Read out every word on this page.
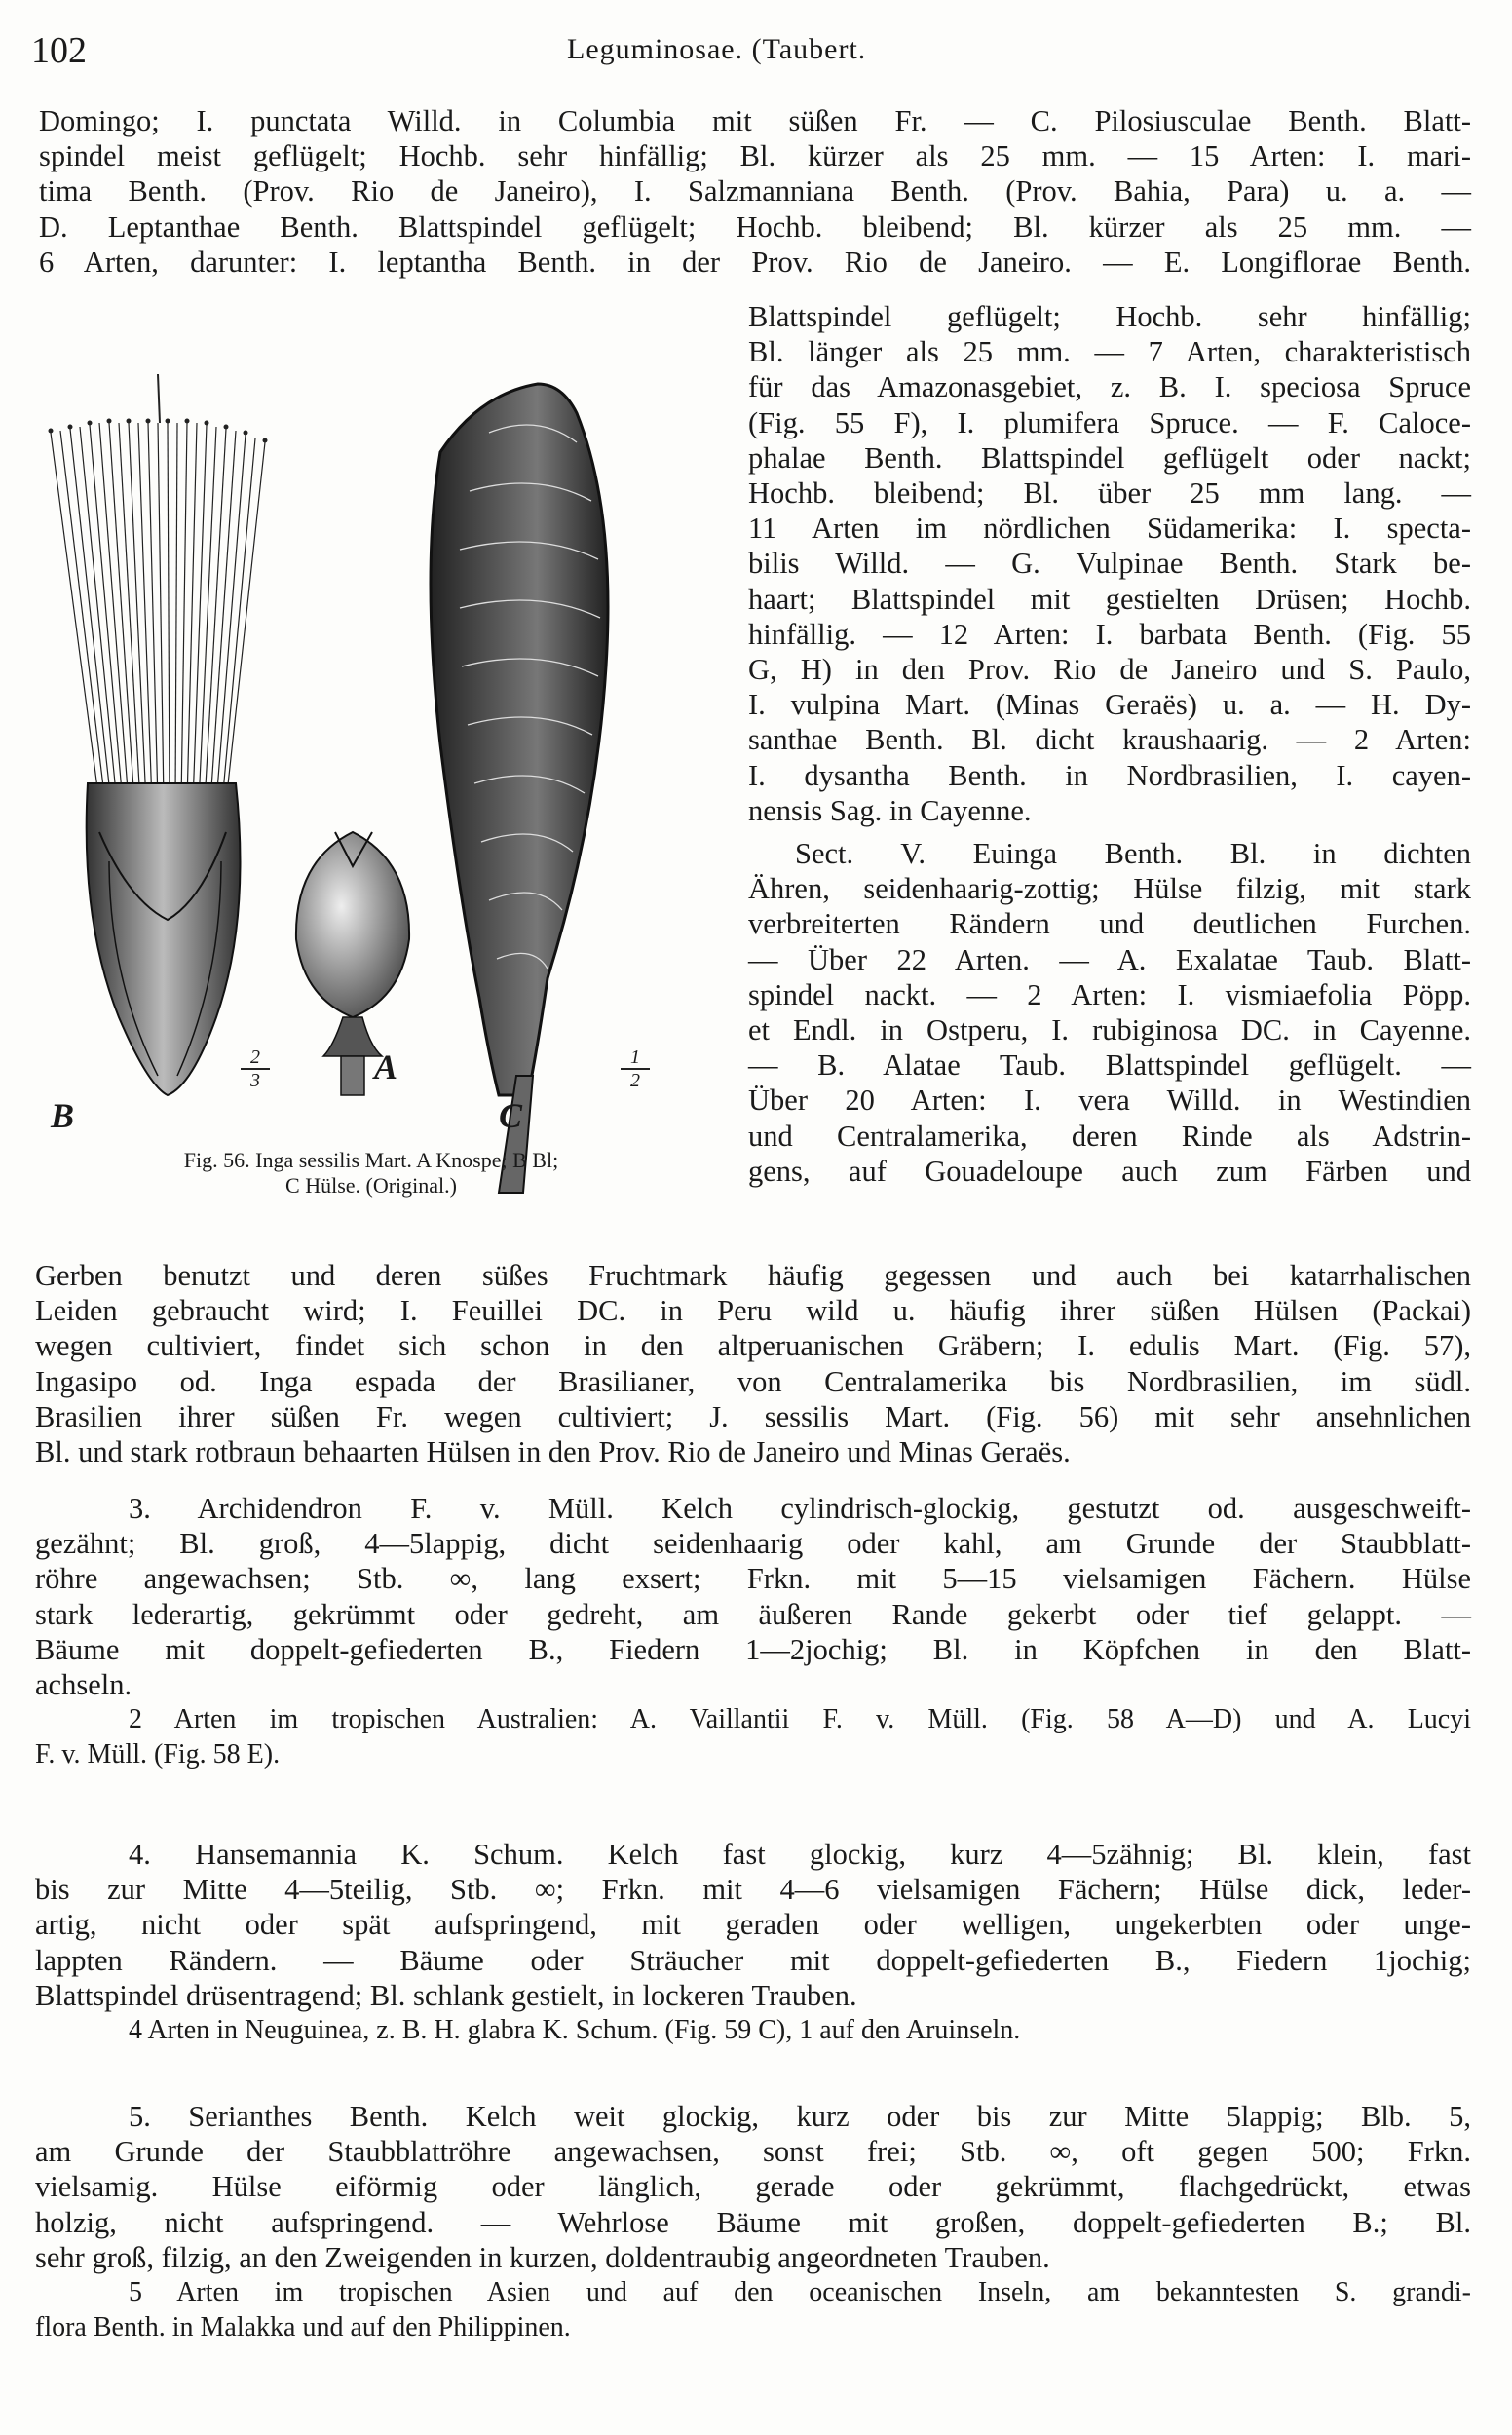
102	Leguminosae. (Taubert.
Domingo; I. punctata Willd. in Columbia mit süßen Fr. — C. Pilosiusculae Benth. Blatt-
spindel meist geflügelt; Hochb. sehr hinfällig; Bl. kürzer als 25 mm. — 15 Arten: I. mari-
tima Benth. (Prov. Rio de Janeiro), I. Salzmanniana Benth. (Prov. Bahia, Para) u. a. —
D. Leptanthae Benth. Blattspindel geflügelt; Hochb. bleibend; Bl. kürzer als 25 mm. —
6 Arten, darunter: I. leptantha Benth. in der Prov. Rio de Janeiro. — E. Longiflorae Benth.
B
A
C
2
3
1
2
Fig. 56. Inga sessilis Mart. A Knospe; B Bl;
C Hülse. (Original.)
Blattspindel geflügelt; Hochb. sehr hinfällig;
Bl. länger als 25 mm. — 7 Arten, charakteristisch
für das Amazonasgebiet, z. B. I. speciosa Spruce
(Fig. 55 F), I. plumifera Spruce. — F. Caloce-
phalae Benth. Blattspindel geflügelt oder nackt;
Hochb. bleibend; Bl. über 25 mm lang. —
11 Arten im nördlichen Südamerika: I. specta-
bilis Willd. — G. Vulpinae Benth. Stark be-
haart; Blattspindel mit gestielten Drüsen; Hochb.
hinfällig. — 12 Arten: I. barbata Benth. (Fig. 55
G, H) in den Prov. Rio de Janeiro und S. Paulo,
I. vulpina Mart. (Minas Geraës) u. a. — H. Dy-
santhae Benth. Bl. dicht kraushaarig. — 2 Arten:
I. dysantha Benth. in Nordbrasilien, I. cayen-
nensis Sag. in Cayenne.
Sect. V. Euinga Benth. Bl. in dichten
Ähren, seidenhaarig-zottig; Hülse filzig, mit stark
verbreiterten Rändern und deutlichen Furchen.
— Über 22 Arten. — A. Exalatae Taub. Blatt-
spindel nackt. — 2 Arten: I. vismiaefolia Pöpp.
et Endl. in Ostperu, I. rubiginosa DC. in Cayenne.
— B. Alatae Taub. Blattspindel geflügelt. —
Über 20 Arten: I. vera Willd. in Westindien
und Centralamerika, deren Rinde als Adstrin-
gens, auf Gouadeloupe auch zum Färben und
Gerben benutzt und deren süßes Fruchtmark häufig gegessen und auch bei katarrhalischen
Leiden gebraucht wird; I. Feuillei DC. in Peru wild u. häufig ihrer süßen Hülsen (Packai)
wegen cultiviert, findet sich schon in den altperuanischen Gräbern; I. edulis Mart. (Fig. 57),
Ingasipo od. Inga espada der Brasilianer, von Centralamerika bis Nordbrasilien, im südl.
Brasilien ihrer süßen Fr. wegen cultiviert; J. sessilis Mart. (Fig. 56) mit sehr ansehnlichen
Bl. und stark rotbraun behaarten Hülsen in den Prov. Rio de Janeiro und Minas Geraës.
3. Archidendron F. v. Müll. Kelch cylindrisch-glockig, gestutzt od. ausgeschweift-
gezähnt; Bl. groß, 4—5lappig, dicht seidenhaarig oder kahl, am Grunde der Staubblatt-
röhre angewachsen; Stb. ∞, lang exsert; Frkn. mit 5—15 vielsamigen Fächern. Hülse
stark lederartig, gekrümmt oder gedreht, am äußeren Rande gekerbt oder tief gelappt. —
Bäume mit doppelt-gefiederten B., Fiedern 1—2jochig; Bl. in Köpfchen in den Blatt-
achseln.
2 Arten im tropischen Australien: A. Vaillantii F. v. Müll. (Fig. 58 A—D) und A. Lucyi
F. v. Müll. (Fig. 58 E).
4. Hansemannia K. Schum. Kelch fast glockig, kurz 4—5zähnig; Bl. klein, fast
bis zur Mitte 4—5teilig, Stb. ∞; Frkn. mit 4—6 vielsamigen Fächern; Hülse dick, leder-
artig, nicht oder spät aufspringend, mit geraden oder welligen, ungekerbten oder unge-
lappten Rändern. — Bäume oder Sträucher mit doppelt-gefiederten B., Fiedern 1jochig;
Blattspindel drüsentragend; Bl. schlank gestielt, in lockeren Trauben.
4 Arten in Neuguinea, z. B. H. glabra K. Schum. (Fig. 59 C), 1 auf den Aruinseln.
5. Serianthes Benth. Kelch weit glockig, kurz oder bis zur Mitte 5lappig; Blb. 5,
am Grunde der Staubblattröhre angewachsen, sonst frei; Stb. ∞, oft gegen 500; Frkn.
vielsamig. Hülse eiförmig oder länglich, gerade oder gekrümmt, flachgedrückt, etwas
holzig, nicht aufspringend. — Wehrlose Bäume mit großen, doppelt-gefiederten B.; Bl.
sehr groß, filzig, an den Zweigenden in kurzen, doldentraubig angeordneten Trauben.
5 Arten im tropischen Asien und auf den oceanischen Inseln, am bekanntesten S. grandi-
flora Benth. in Malakka und auf den Philippinen.
